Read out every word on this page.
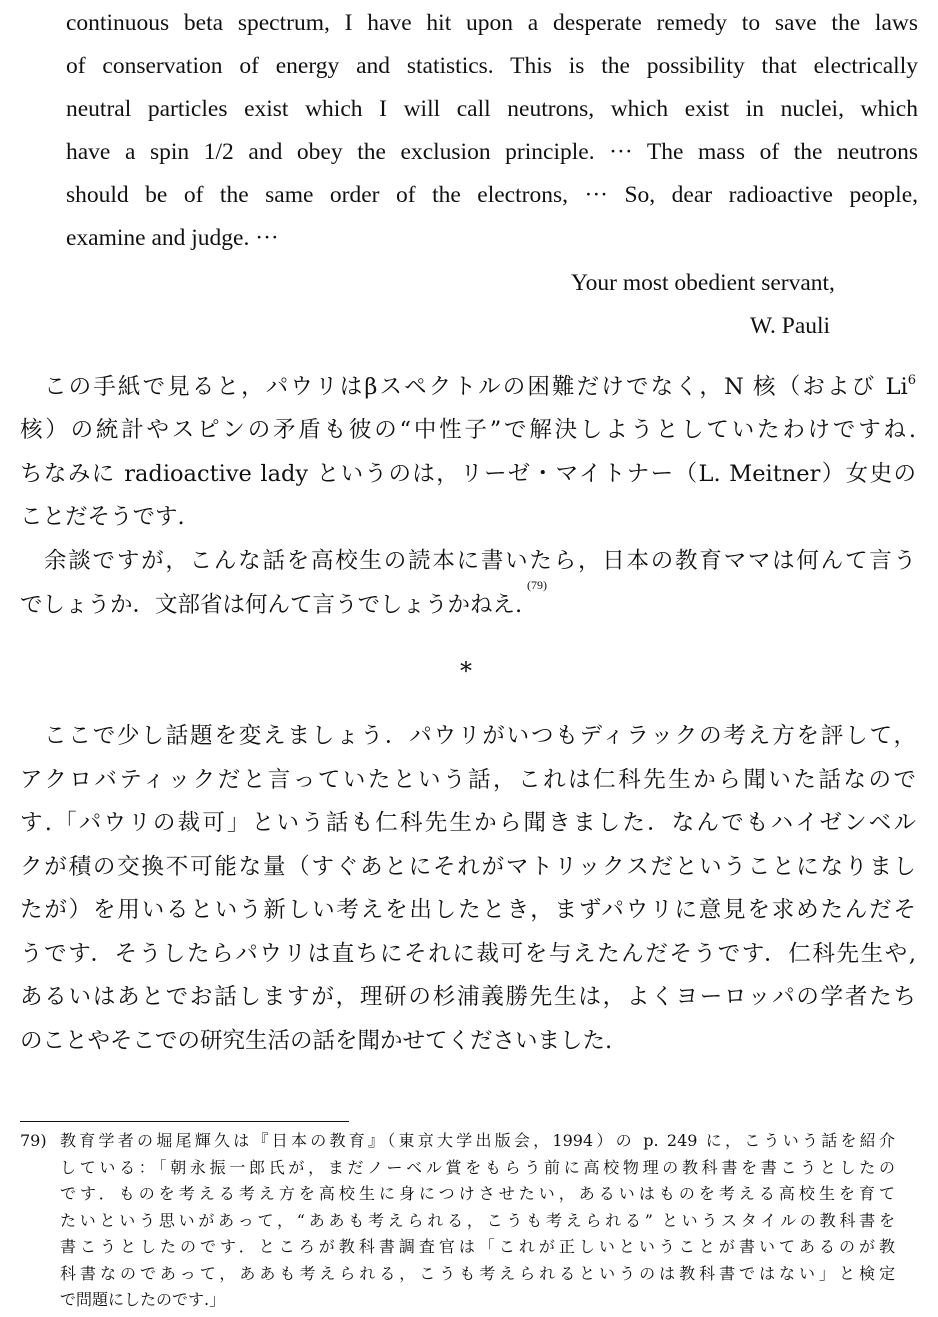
continuous beta spectrum, I have hit upon a desperate remedy to save the laws
of conservation of energy and statistics. This is the possibility that electrically
neutral particles exist which I will call neutrons, which exist in nuclei, which
have a spin 1/2 and obey the exclusion principle. ··· The mass of the neutrons
should be of the same order of the electrons, ··· So, dear radioactive people,
examine and judge. ···
Your most obedient servant,
W. Pauli
この手紙で見ると，パウリはβスペクトルの困難だけでなく，N 核（および Li$^6$
核）の統計やスピンの矛盾も彼の“中性子”で解決しようとしていたわけですね.
ちなみに radioactive lady というのは，リーゼ・マイトナー（L. Meitner）女史の
ことだそうです.
余談ですが，こんな話を高校生の読本に書いたら，日本の教育ママは何んて言う
でしょうか．文部省は何んて言うでしょうかねえ.
(79)
*
ここで少し話題を変えましょう．パウリがいつもディラックの考え方を評して，
アクロバティックだと言っていたという話，これは仁科先生から聞いた話なので
す.「パウリの裁可」という話も仁科先生から聞きました．なんでもハイゼンベル
クが積の交換不可能な量（すぐあとにそれがマトリックスだということになりまし
たが）を用いるという新しい考えを出したとき，まずパウリに意見を求めたんだそ
うです．そうしたらパウリは直ちにそれに裁可を与えたんだそうです．仁科先生や,
あるいはあとでお話しますが，理研の杉浦義勝先生は，よくヨーロッパの学者たち
のことやそこでの研究生活の話を聞かせてくださいました.
79) 教育学者の堀尾輝久は『日本の教育』（東京大学出版会，1994）の p. 249 に，こういう話を紹介
している：「朝永振一郎氏が，まだノーベル賞をもらう前に高校物理の教科書を書こうとしたの
です．ものを考える考え方を高校生に身につけさせたい，あるいはものを考える高校生を育て
たいという思いがあって，“ああも考えられる，こうも考えられる” というスタイルの教科書を
書こうとしたのです．ところが教科書調査官は「これが正しいということが書いてあるのが教
科書なのであって，ああも考えられる，こうも考えられるというのは教科書ではない」と検定
で問題にしたのです.」
